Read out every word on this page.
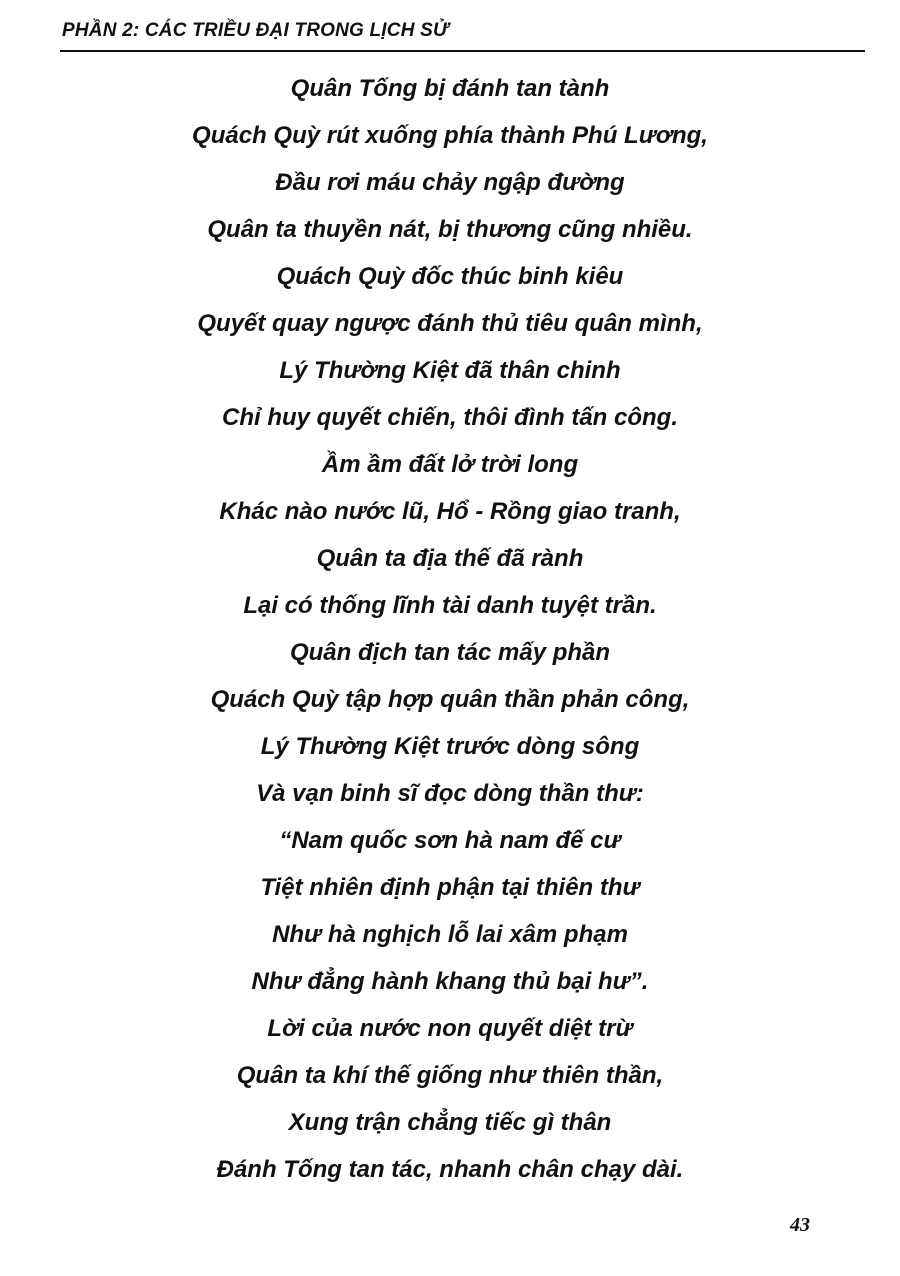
PHẦN 2: CÁC TRIỀU ĐẠI TRONG LỊCH SỬ
Quân Tống bị đánh tan tành
Quách Quỳ rút xuống phía thành Phú Lương,
Đầu rơi máu chảy ngập đường
Quân ta thuyền nát, bị thương cũng nhiều.
Quách Quỳ đốc thúc binh kiêu
Quyết quay ngược đánh thủ tiêu quân mình,
Lý Thường Kiệt đã thân chinh
Chỉ huy quyết chiến, thôi đình tấn công.
Ầm ầm đất lở trời long
Khác nào nước lũ, Hổ - Rồng giao tranh,
Quân ta địa thế đã rành
Lại có thống lĩnh tài danh tuyệt trần.
Quân địch tan tác mấy phần
Quách Quỳ tập hợp quân thần phản công,
Lý Thường Kiệt trước dòng sông
Và vạn binh sĩ đọc dòng thần thư:
“Nam quốc sơn hà nam đế cư
Tiệt nhiên định phận tại thiên thư
Như hà nghịch lỗ lai xâm phạm
Như đẳng hành khang thủ bại hư”.
Lời của nước non quyết diệt trừ
Quân ta khí thế giống như thiên thần,
Xung trận chẳng tiếc gì thân
Đánh Tống tan tác, nhanh chân chạy dài.
43
